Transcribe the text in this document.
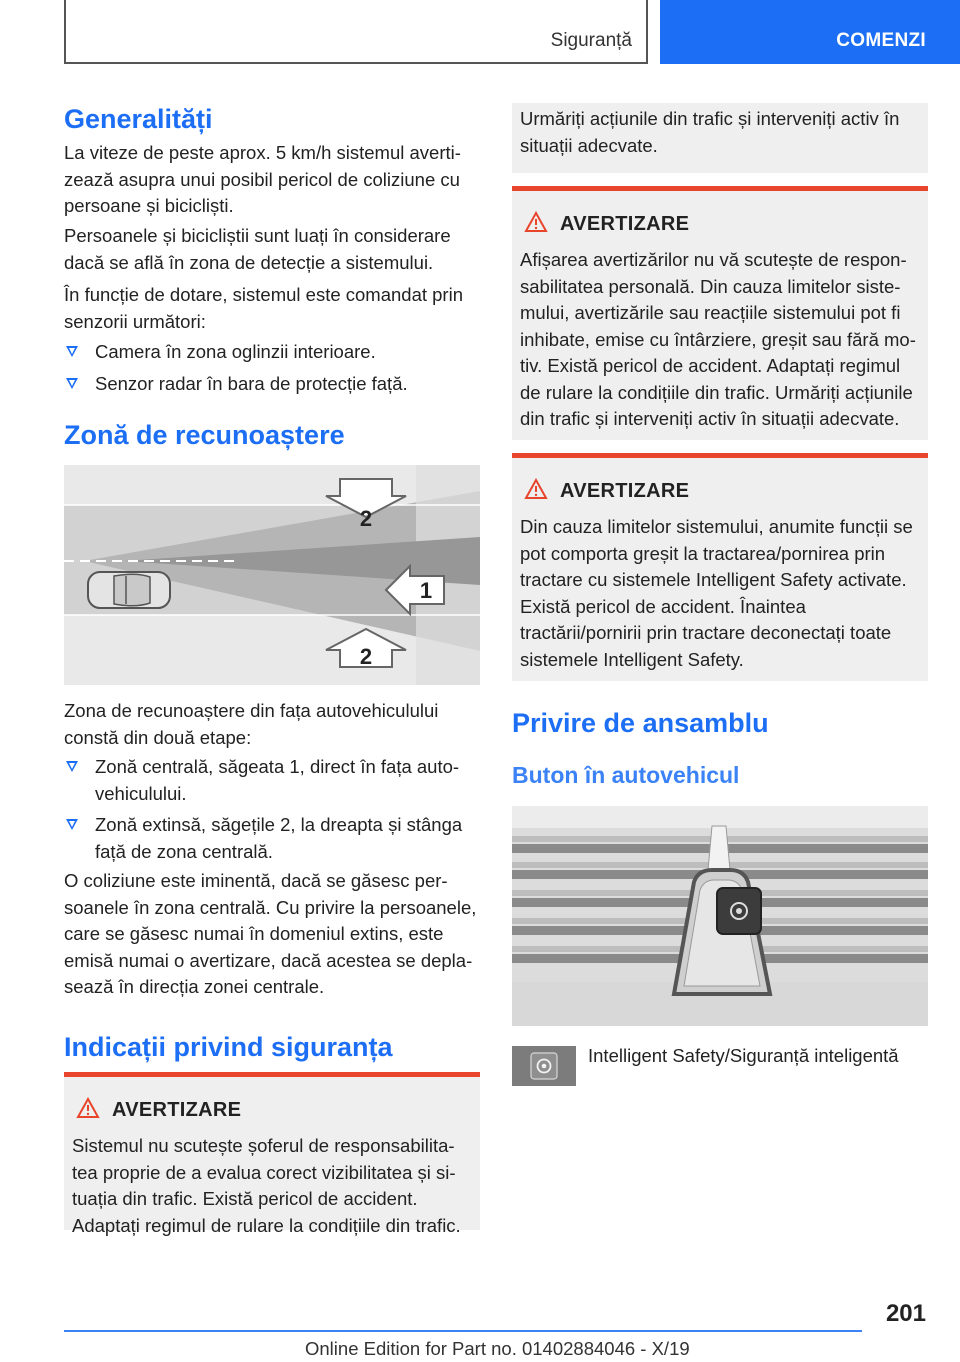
Siguranță	COMENZI
Generalități

La viteze de peste aprox. 5 km/h sistemul averti‐zează asupra unui posibil pericol de coliziune cu persoane și bicicliști.

Persoanele și bicicliștii sunt luați în considerare dacă se află în zona de detecție a sistemului.

În funcție de dotare, sistemul este comandat prin senzorii următori:

Camera în zona oglinzii interioare.
Senzor radar în bara de protecție față.
Zonă de recunoaștere
2
1
2

Zona de recunoaștere din fața autovehiculului constă din două etape:

Zonă centrală, săgeata 1, direct în fața auto‐vehiculului.
Zonă extinsă, săgețile 2, la dreapta și stânga față de zona centrală.

O coliziune este iminentă, dacă se găsesc per‐soanele în zona centrală. Cu privire la persoanele, care se găsesc numai în domeniul extins, este emisă numai o avertizare, dacă acestea se depla‐sează în direcția zonei centrale.

Indicații privind siguranța
AVERTIZARE
Sistemul nu scutește șoferul de responsabilita‐tea proprie de a evalua corect vizibilitatea și si‐tuația din trafic. Există pericol de accident. Adaptați regimul de rulare la condițiile din trafic.
Urmăriți acțiunile din trafic și interveniți activ în situații adecvate.
AVERTIZARE
Afișarea avertizărilor nu vă scutește de respon‐sabilitatea personală. Din cauza limitelor siste‐mului, avertizările sau reacțiile sistemului pot fi inhibate, emise cu întârziere, greșit sau fără mo‐tiv. Există pericol de accident. Adaptați regimul de rulare la condițiile din trafic. Urmăriți acțiunile din trafic și interveniți activ în situații adecvate.
AVERTIZARE
Din cauza limitelor sistemului, anumite funcții se pot comporta greșit la tractarea/pornirea prin tractare cu sistemele Intelligent Safety activate. Există pericol de accident. Înaintea tractării/pornirii prin tractare deconectați toate sistemele Intelligent Safety.
Privire de ansamblu
Buton în autovehicul
Intelligent Safety/Siguranță inteligentă
201
Online Edition for Part no. 01402884046 - X/19
